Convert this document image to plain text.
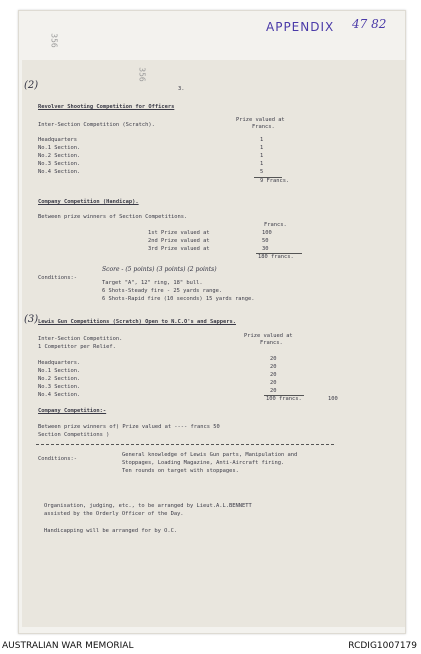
APPENDIX 47 82
356
356
3.
(2)
Revolver Shooting Competition for Officers
Inter-Section Competition (Scratch).
Prize valued at
Francs.
Headquarters
No.1 Section.
No.2 Section.
No.3 Section.
No.4 Section.
1
1
1
1
5
9 Francs.
Company Competition (Handicap).
Between prize winners of Section Competitions.
Francs.
1st Prize valued at
2nd Prize valued at
3rd Prize valued at
100
50
30
180 francs.
Conditions:-
Score - (5 points) (3 points) (2 points)
Target "A", 12" ring, 18" bull.
6 Shots-Steady fire - 25 yards range.
6 Shots-Rapid fire (10 seconds) 15 yards range.
(3) Lewis Gun Competitions (Scratch) Open to N.C.O's and Sappers.
Inter-Section Competition.
1 Competitor per Relief.
Prize valued at
Francs.
Headquarters.
No.1 Section.
No.2 Section.
No.3 Section.
No.4 Section.
20
20
20
20
20
100 francs.	100
Company Competition:-
Between prize winners of) Prize valued at ---- francs 50
Section Competitions )
Conditions:-
General knowledge of Lewis Gun parts, Manipulation and
Stoppages, Loading Magazine, Anti-Aircraft firing.
Ten rounds on target with stoppages.
Organisation, judging, etc., to be arranged by Lieut.A.L.BENNETT
assisted by the Orderly Officer of the Day.
Handicapping will be arranged for by O.C.
AUSTRALIAN WAR MEMORIAL	RCDIG1007179
